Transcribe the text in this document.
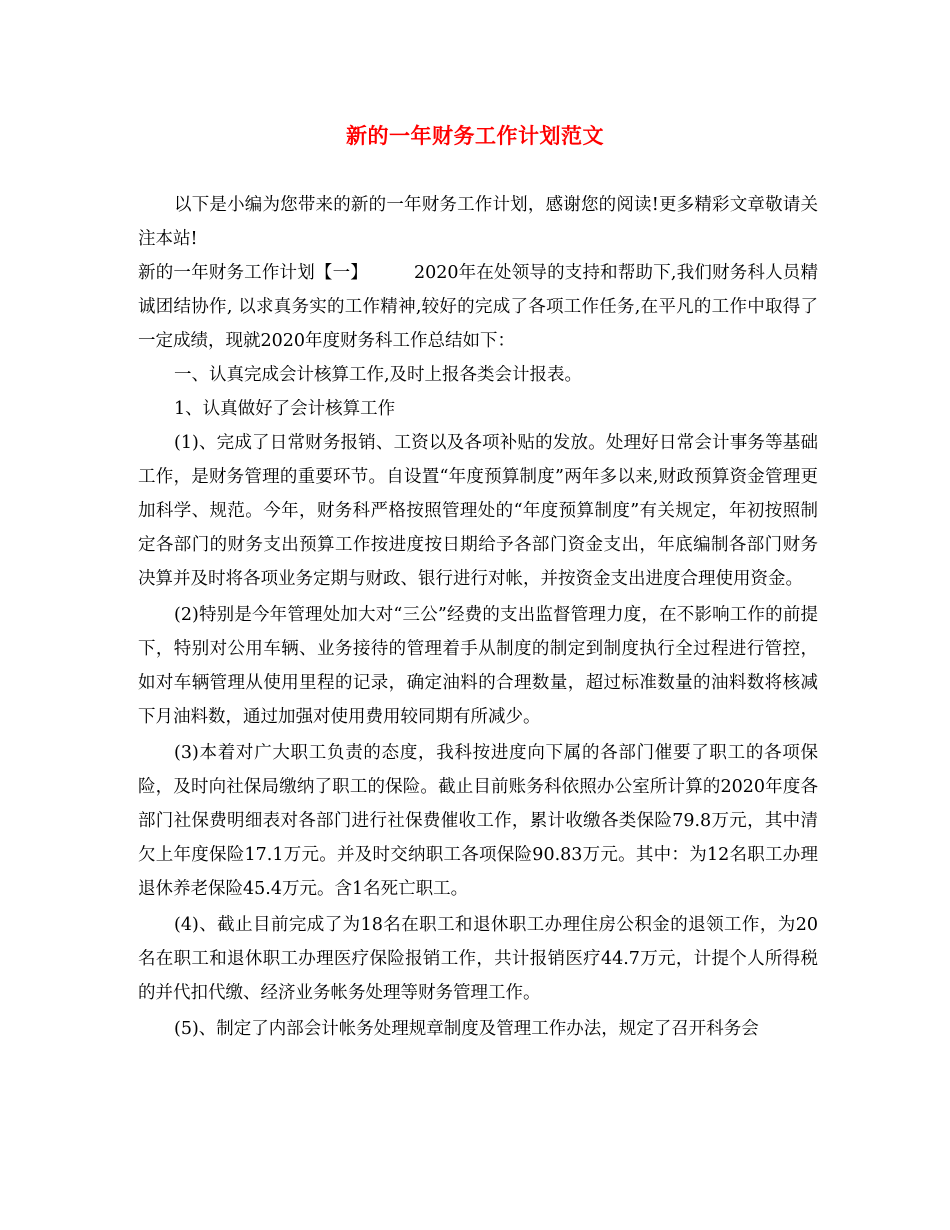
新的一年财务工作计划范文

以下是小编为您带来的新的一年财务工作计划，感谢您的阅读!更多精彩文章敬请关注本站!

新的一年财务工作计划【一】	2020年在处领导的支持和帮助下,我们财务科人员精诚团结协作, 以求真务实的工作精神,较好的完成了各项工作任务,在平凡的工作中取得了一定成绩，现就2020年度财务科工作总结如下：

一、认真完成会计核算工作,及时上报各类会计报表。

1、认真做好了会计核算工作

(1)、完成了日常财务报销、工资以及各项补贴的发放。处理好日常会计事务等基础工作，是财务管理的重要环节。自设置“年度预算制度”两年多以来,财政预算资金管理更加科学、规范。今年，财务科严格按照管理处的“年度预算制度”有关规定，年初按照制定各部门的财务支出预算工作按进度按日期给予各部门资金支出，年底编制各部门财务决算并及时将各项业务定期与财政、银行进行对帐，并按资金支出进度合理使用资金。

(2)特别是今年管理处加大对“三公”经费的支出监督管理力度，在不影响工作的前提下，特别对公用车辆、业务接待的管理着手从制度的制定到制度执行全过程进行管控，如对车辆管理从使用里程的记录，确定油料的合理数量，超过标准数量的油料数将核减下月油料数，通过加强对使用费用较同期有所减少。

(3)本着对广大职工负责的态度，我科按进度向下属的各部门催要了职工的各项保险，及时向社保局缴纳了职工的保险。截止目前账务科依照办公室所计算的2020年度各部门社保费明细表对各部门进行社保费催收工作，累计收缴各类保险79.8万元，其中清欠上年度保险17.1万元。并及时交纳职工各项保险90.83万元。其中：为12名职工办理退休养老保险45.4万元。含1名死亡职工。

(4)、截止目前完成了为18名在职工和退休职工办理住房公积金的退领工作，为20名在职工和退休职工办理医疗保险报销工作，共计报销医疗44.7万元，计提个人所得税的并代扣代缴、经济业务帐务处理等财务管理工作。

(5)、制定了内部会计帐务处理规章制度及管理工作办法，规定了召开科务会
